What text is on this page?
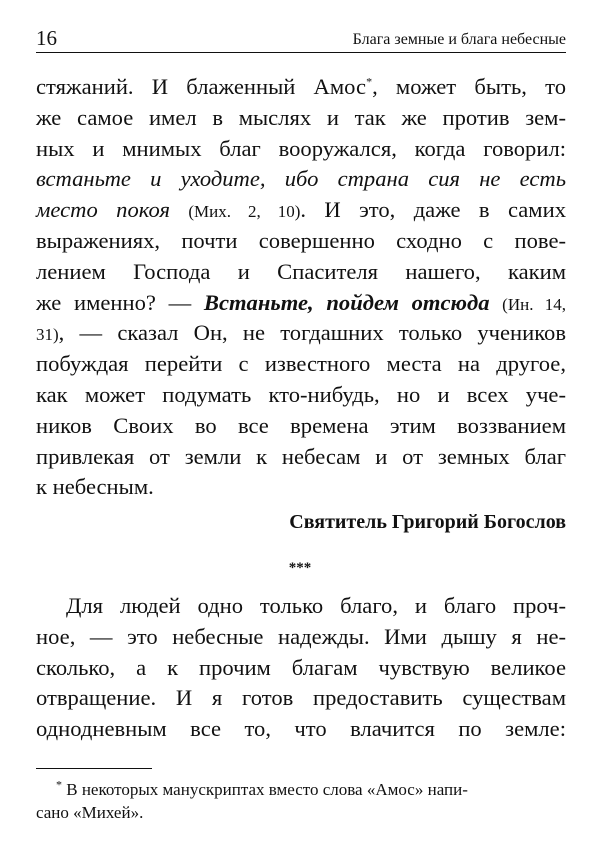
16	Блага земные и блага небесные
стяжаний. И блаженный Амос*, может быть, то
же самое имел в мыслях и так же против зем-
ных и мнимых благ вооружался, когда говорил:
встаньте и уходите, ибо страна сия не есть
место покоя (Мих. 2, 10). И это, даже в самих
выражениях, почти совершенно сходно с пове-
лением Господа и Спасителя нашего, каким
же именно? — Встаньте, пойдем отсюда (Ин. 14,
31), — сказал Он, не тогдашних только учеников
побуждая перейти с известного места на другое,
как может подумать кто-нибудь, но и всех уче-
ников Своих во все времена этим воззванием
привлекая от земли к небесам и от земных благ
к небесным.
Святитель Григорий Богослов
***
Для людей одно только благо, и благо проч-
ное, — это небесные надежды. Ими дышу я не-
сколько, а к прочим благам чувствую великое
отвращение. И я готов предоставить существам
однодневным все то, что влачится по земле:
* В некоторых манускриптах вместо слова «Амос» напи-
сано «Михей».
